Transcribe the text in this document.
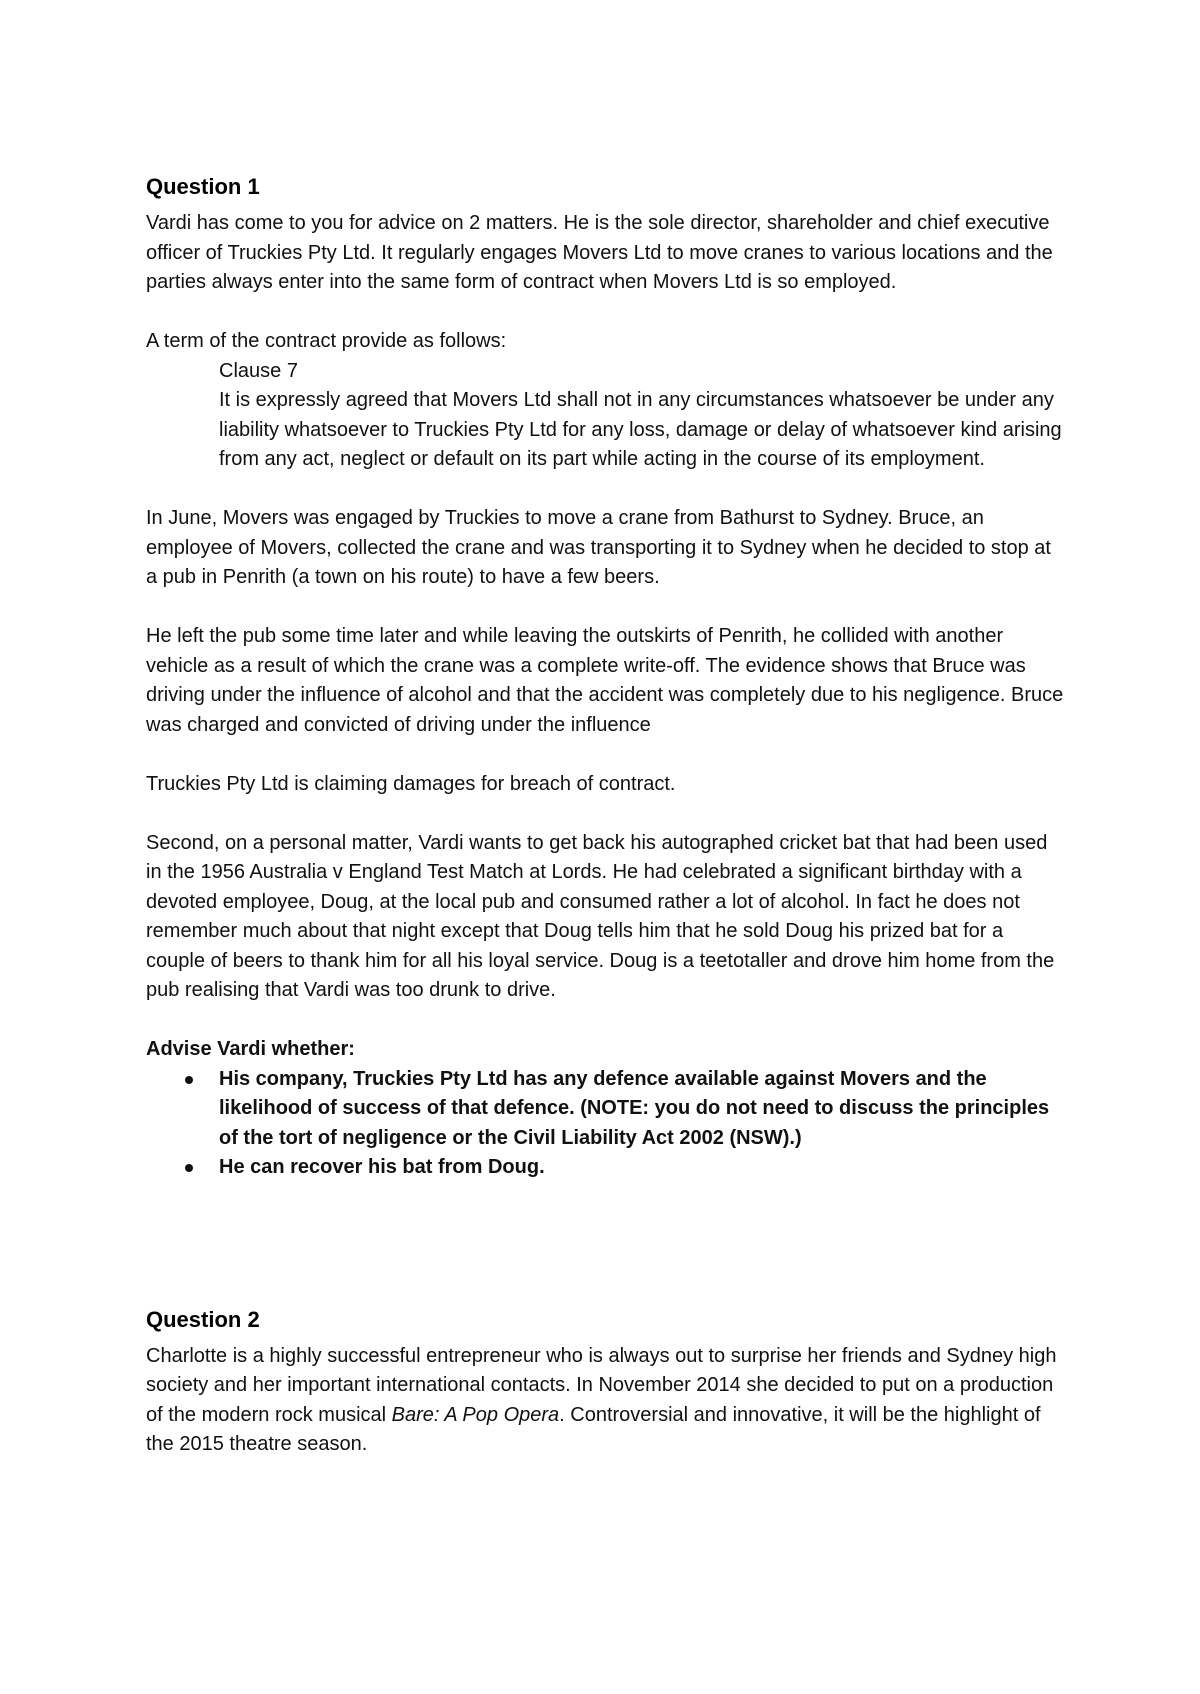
Question 1

Vardi has come to you for advice on 2 matters. He is the sole director, shareholder and chief executive officer of Truckies Pty Ltd. It regularly engages Movers Ltd to move cranes to various locations and the parties always enter into the same form of contract when Movers Ltd is so employed.

A term of the contract provide as follows:

Clause 7
It is expressly agreed that Movers Ltd shall not in any circumstances whatsoever be under any liability whatsoever to Truckies Pty Ltd for any loss, damage or delay of whatsoever kind arising from any act, neglect or default on its part while acting in the course of its employment.

In June, Movers was engaged by Truckies to move a crane from Bathurst to Sydney. Bruce, an employee of Movers, collected the crane and was transporting it to Sydney when he decided to stop at a pub in Penrith (a town on his route) to have a few beers.

He left the pub some time later and while leaving the outskirts of Penrith, he collided with another vehicle as a result of which the crane was a complete write-off. The evidence shows that Bruce was driving under the influence of alcohol and that the accident was completely due to his negligence. Bruce was charged and convicted of driving under the influence

Truckies Pty Ltd is claiming damages for breach of contract.

Second, on a personal matter, Vardi wants to get back his autographed cricket bat that had been used in the 1956 Australia v England Test Match at Lords. He had celebrated a significant birthday with a devoted employee, Doug, at the local pub and consumed rather a lot of alcohol. In fact he does not remember much about that night except that Doug tells him that he sold Doug his prized bat for a couple of beers to thank him for all his loyal service. Doug is a teetotaller and drove him home from the pub realising that Vardi was too drunk to drive.

Advise Vardi whether:

His company, Truckies Pty Ltd has any defence available against Movers and the likelihood of success of that defence. (NOTE: you do not need to discuss the principles of the tort of negligence or the Civil Liability Act 2002 (NSW).)
He can recover his bat from Doug.
Question 2

Charlotte is a highly successful entrepreneur who is always out to surprise her friends and Sydney high society and her important international contacts. In November 2014 she decided to put on a production of the modern rock musical Bare: A Pop Opera. Controversial and innovative, it will be the highlight of the 2015 theatre season.
